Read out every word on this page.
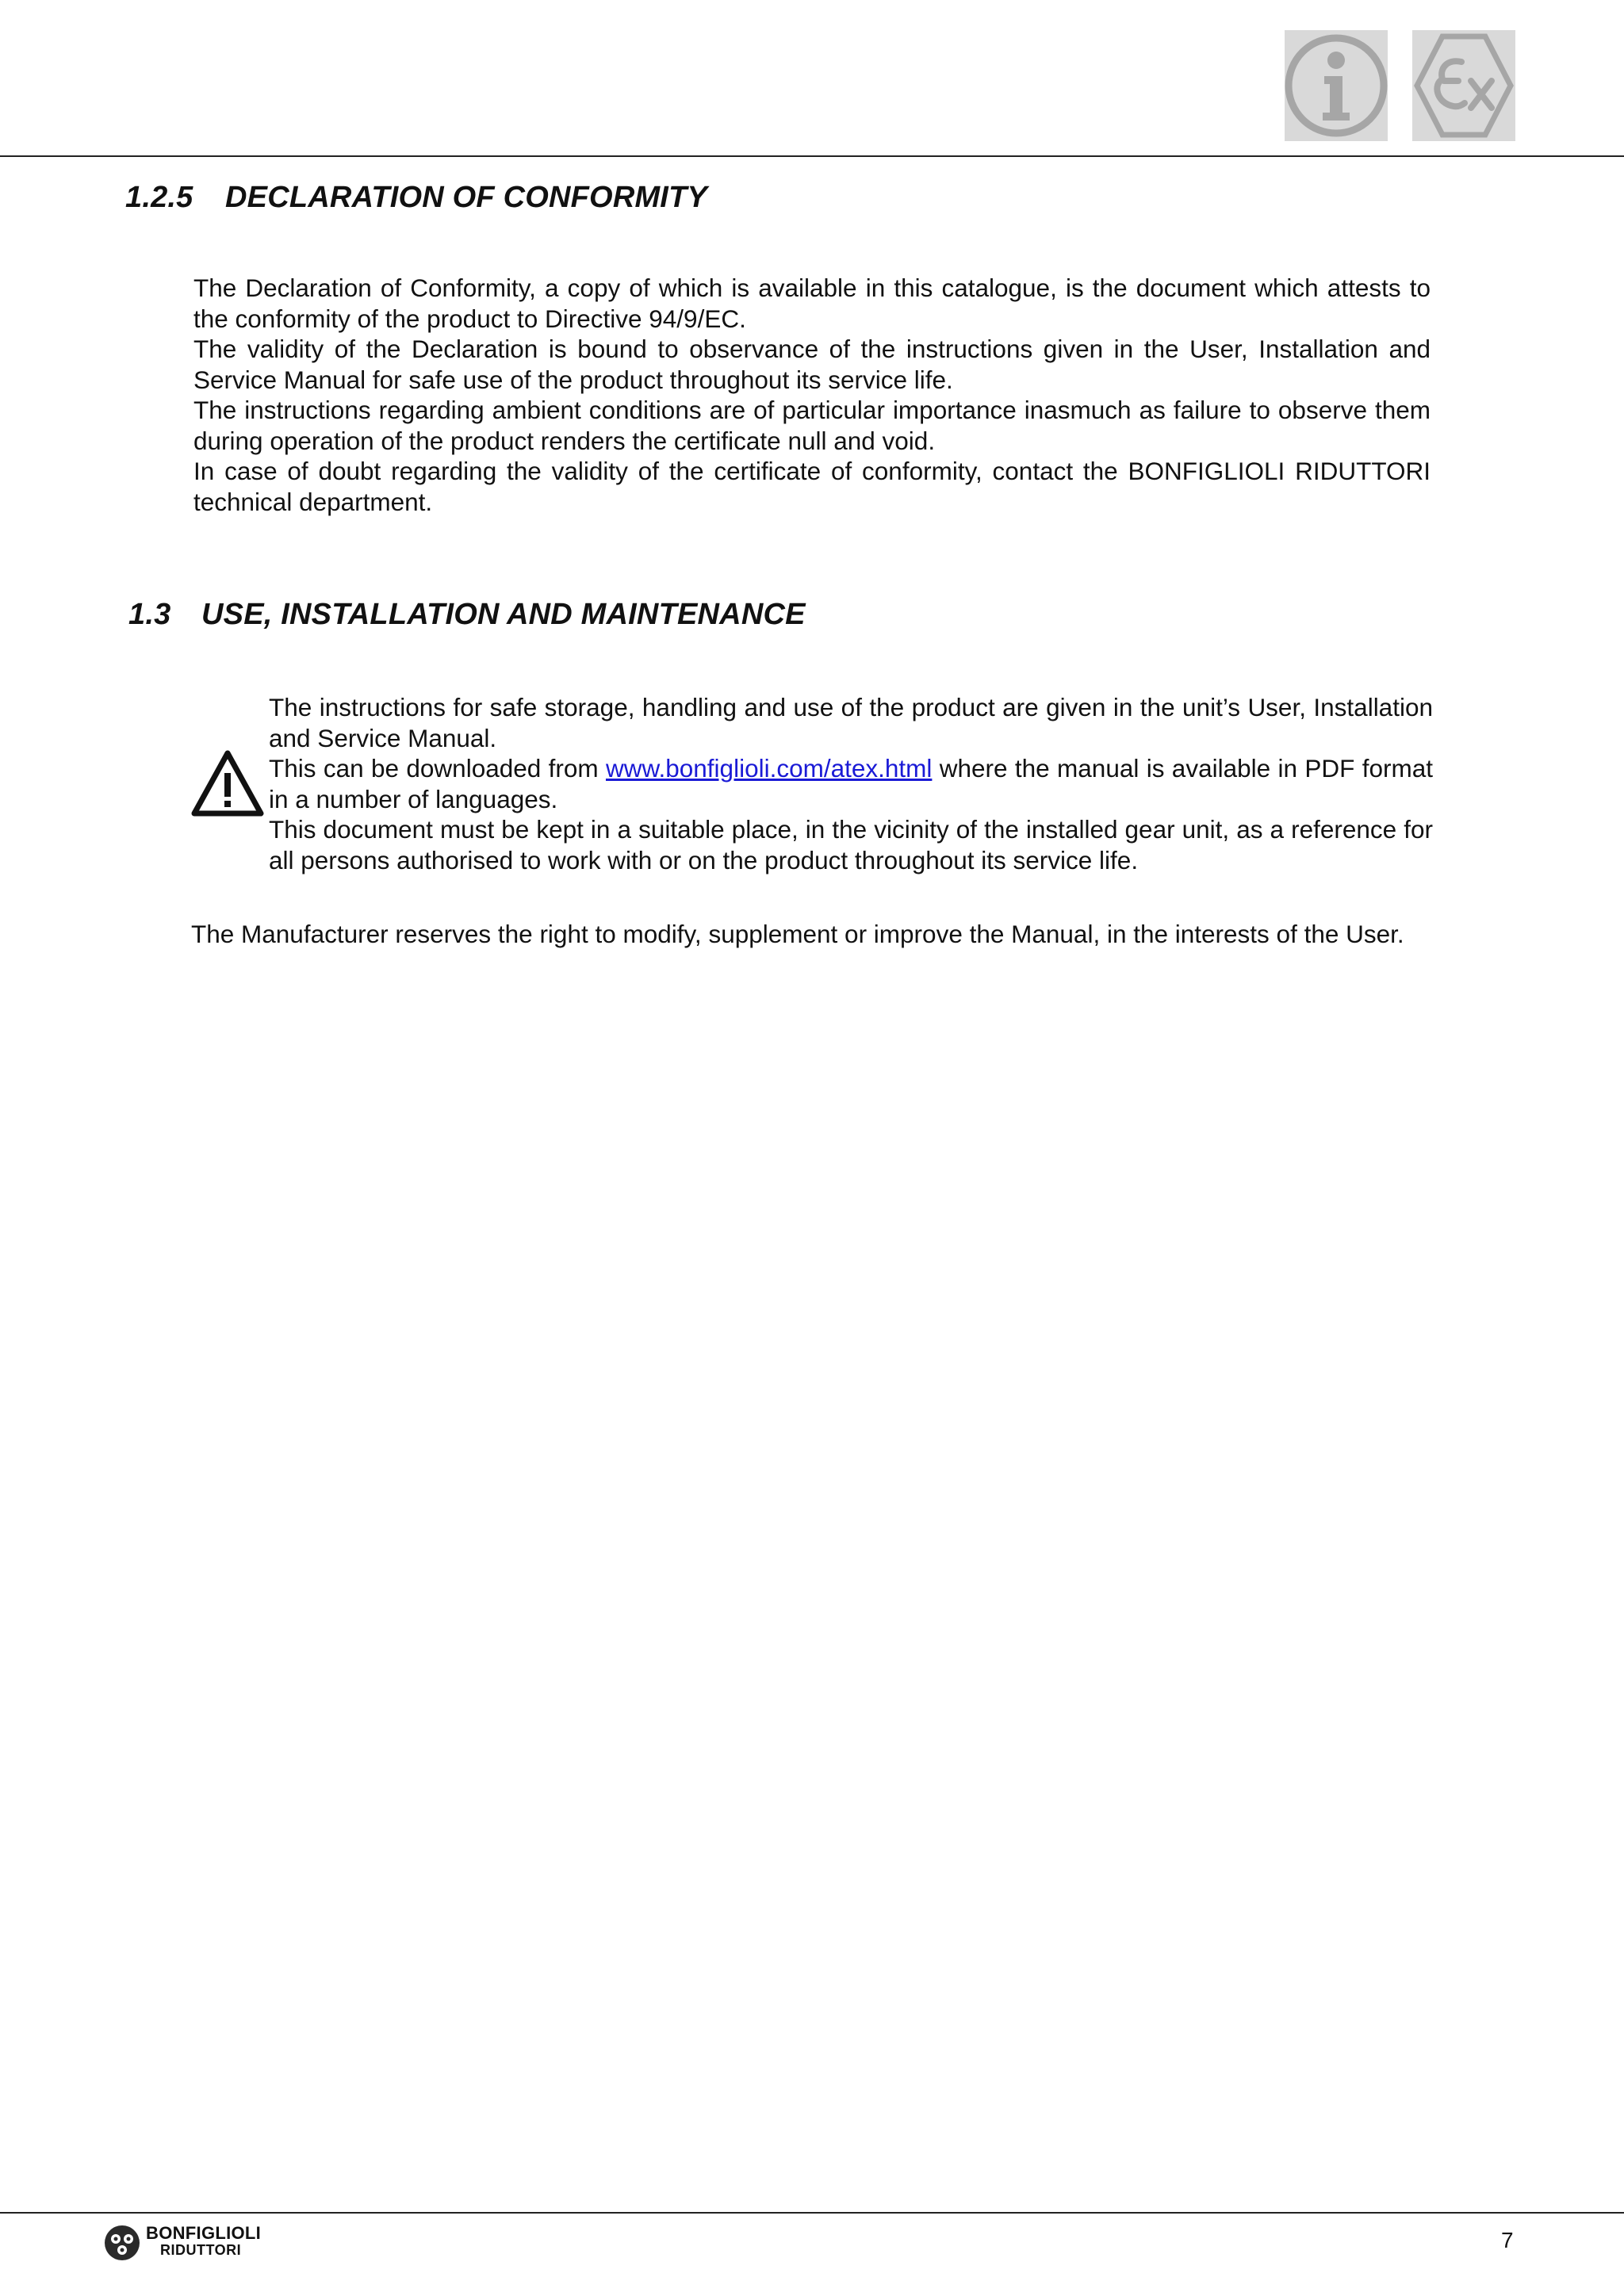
1.2.5 DECLARATION OF CONFORMITY

The Declaration of Conformity, a copy of which is available in this catalogue, is the document which attests to the conformity of the product to Directive 94/9/EC.

The validity of the Declaration is bound to observance of the instructions given in the User, Installation and Service Manual for safe use of the product throughout its service life.

The instructions regarding ambient conditions are of particular importance inasmuch as failure to observe them during operation of the product renders the certificate null and void.

In case of doubt regarding the validity of the certificate of conformity, contact the BONFIGLIOLI RIDUTTORI technical department.

1.3 USE, INSTALLATION AND MAINTENANCE

The instructions for safe storage, handling and use of the product are given in the unit’s User, Installation and Service Manual.

This can be downloaded from www.bonfiglioli.com/atex.html where the manual is available in PDF format in a number of languages.

This document must be kept in a suitable place, in the vicinity of the installed gear unit, as a reference for all persons authorised to work with or on the product throughout its service life.

The Manufacturer reserves the right to modify, supplement or improve the Manual, in the interests of the User.
BONFIGLIOLI
RIDUTTORI	7
